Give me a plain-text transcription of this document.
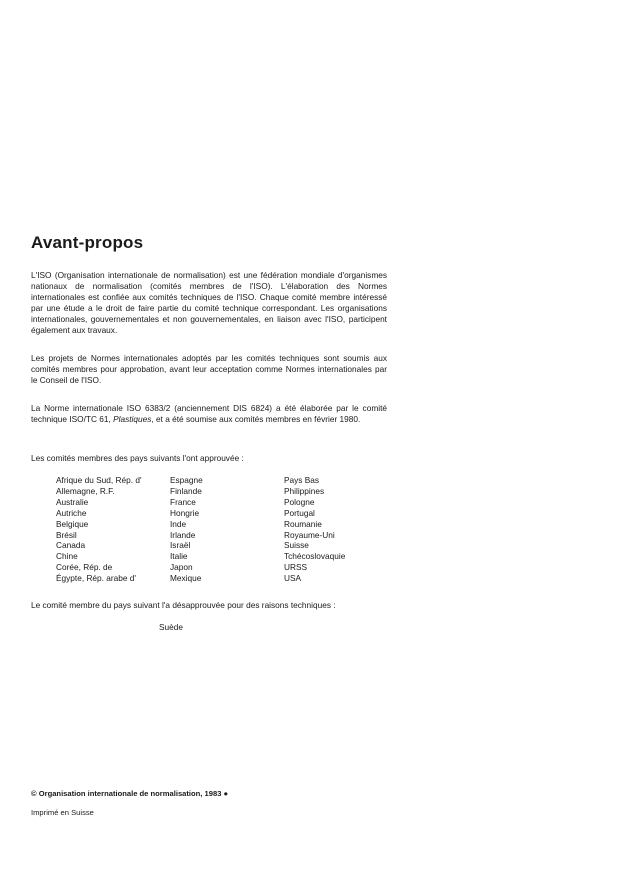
Avant-propos

L'ISO (Organisation internationale de normalisation) est une fédération mondiale d'organismes nationaux de normalisation (comités membres de l'ISO). L'élaboration des Normes internationales est confiée aux comités techniques de l'ISO. Chaque comité membre intéressé par une étude a le droit de faire partie du comité technique correspondant. Les organisations internationales, gouvernementales et non gouvernementales, en liaison avec l'ISO, participent également aux travaux.

Les projets de Normes internationales adoptés par les comités techniques sont soumis aux comités membres pour approbation, avant leur acceptation comme Normes internationales par le Conseil de l'ISO.

La Norme internationale ISO 6383/2 (anciennement DIS 6824) a été élaborée par le comité technique ISO/TC 61, Plastiques, et a été soumise aux comités membres en février 1980.

Les comités membres des pays suivants l'ont approuvée :

Afrique du Sud, Rép. d'
Allemagne, R.F.
Australie
Autriche
Belgique
Brésil
Canada
Chine
Corée, Rép. de
Égypte, Rép. arabe d'
Espagne
Finlande
France
Hongrie
Inde
Irlande
Israël
Italie
Japon
Mexique
Pays Bas
Philippines
Pologne
Portugal
Roumanie
Royaume-Uni
Suisse
Tchécoslovaquie
URSS
USA

Le comité membre du pays suivant l'a désapprouvée pour des raisons techniques :

Suède
© Organisation internationale de normalisation, 1983 ●
Imprimé en Suisse
